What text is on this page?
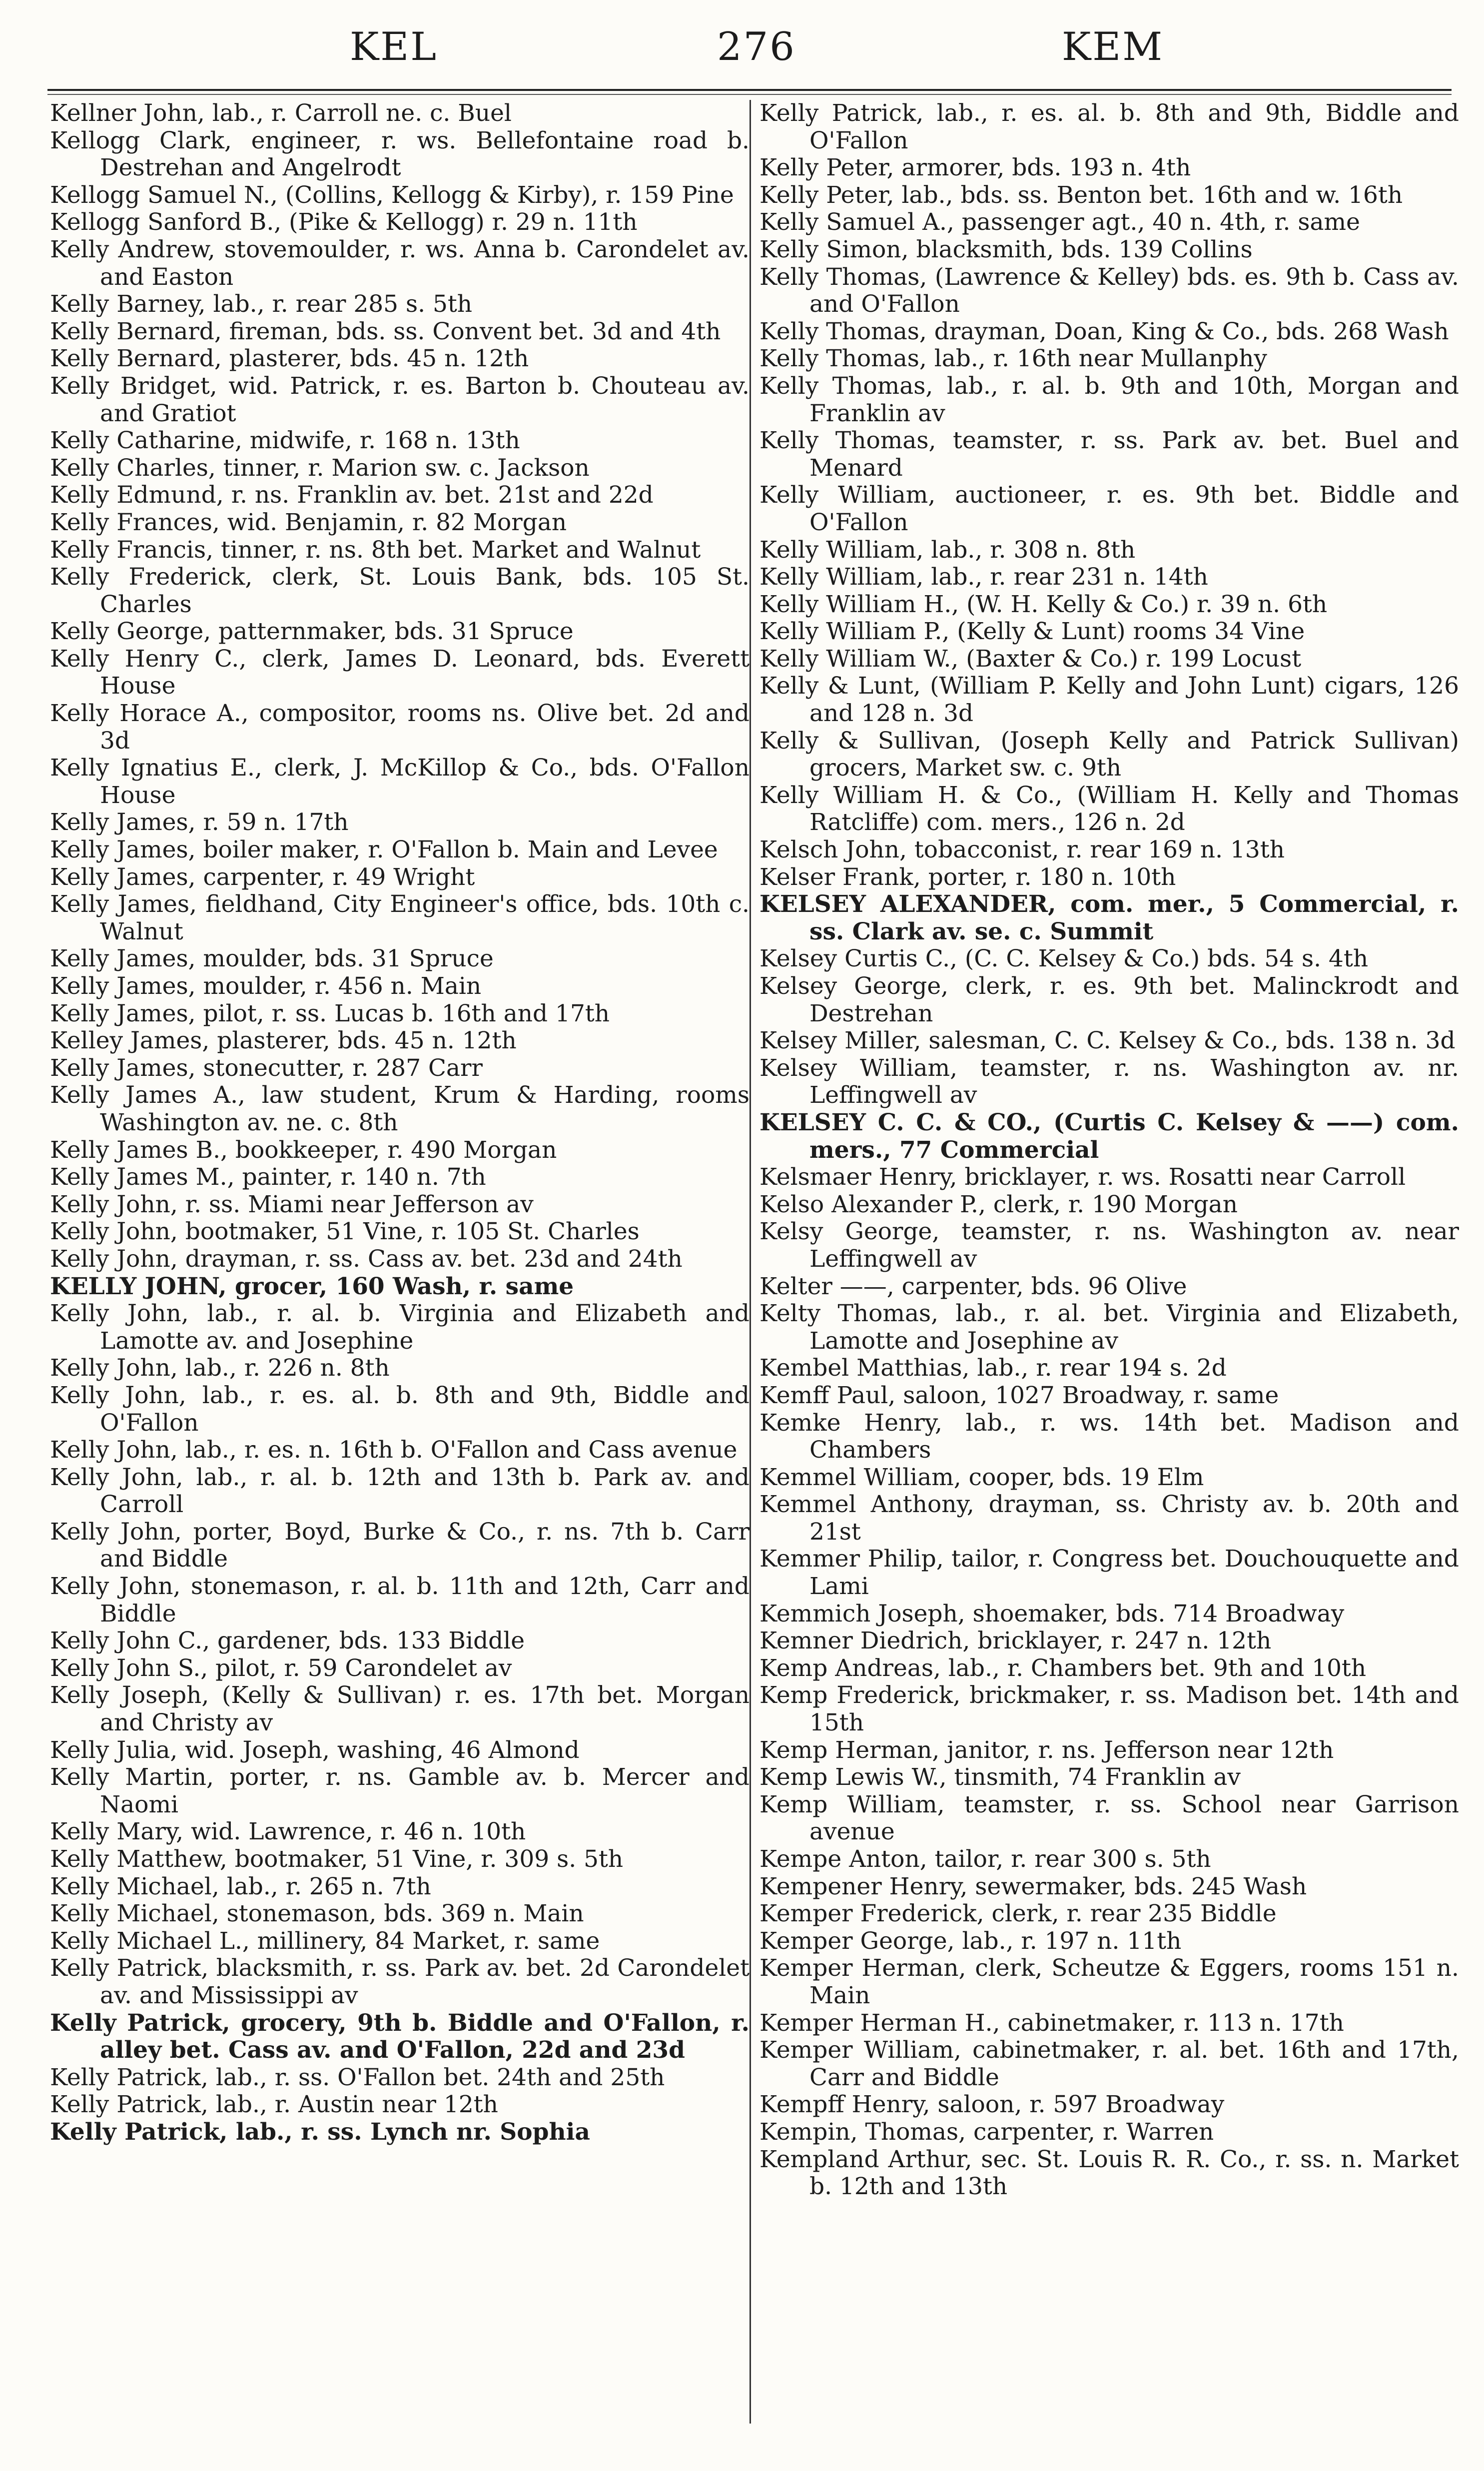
KEL	276	KEM
Kellner John, lab., r. Carroll ne. c. Buel
Kellogg Clark, engineer, r. ws. Bellefontaine road b. Destrehan and Angelrodt
Kellogg Samuel N., (Collins, Kellogg & Kirby), r. 159 Pine
Kellogg Sanford B., (Pike & Kellogg) r. 29 n. 11th
Kelly Andrew, stovemoulder, r. ws. Anna b. Carondelet av. and Easton
Kelly Barney, lab., r. rear 285 s. 5th
Kelly Bernard, fireman, bds. ss. Convent bet. 3d and 4th
Kelly Bernard, plasterer, bds. 45 n. 12th
Kelly Bridget, wid. Patrick, r. es. Barton b. Chouteau av. and Gratiot
Kelly Catharine, midwife, r. 168 n. 13th
Kelly Charles, tinner, r. Marion sw. c. Jackson
Kelly Edmund, r. ns. Franklin av. bet. 21st and 22d
Kelly Frances, wid. Benjamin, r. 82 Morgan
Kelly Francis, tinner, r. ns. 8th bet. Market and Walnut
Kelly Frederick, clerk, St. Louis Bank, bds. 105 St. Charles
Kelly George, patternmaker, bds. 31 Spruce
Kelly Henry C., clerk, James D. Leonard, bds. Everett House
Kelly Horace A., compositor, rooms ns. Olive bet. 2d and 3d
Kelly Ignatius E., clerk, J. McKillop & Co., bds. O'Fallon House
Kelly James, r. 59 n. 17th
Kelly James, boiler maker, r. O'Fallon b. Main and Levee
Kelly James, carpenter, r. 49 Wright
Kelly James, fieldhand, City Engineer's office, bds. 10th c. Walnut
Kelly James, moulder, bds. 31 Spruce
Kelly James, moulder, r. 456 n. Main
Kelly James, pilot, r. ss. Lucas b. 16th and 17th
Kelley James, plasterer, bds. 45 n. 12th
Kelly James, stonecutter, r. 287 Carr
Kelly James A., law student, Krum & Harding, rooms Washington av. ne. c. 8th
Kelly James B., bookkeeper, r. 490 Morgan
Kelly James M., painter, r. 140 n. 7th
Kelly John, r. ss. Miami near Jefferson av
Kelly John, bootmaker, 51 Vine, r. 105 St. Charles
Kelly John, drayman, r. ss. Cass av. bet. 23d and 24th
KELLY JOHN, grocer, 160 Wash, r. same
Kelly John, lab., r. al. b. Virginia and Elizabeth and Lamotte av. and Josephine
Kelly John, lab., r. 226 n. 8th
Kelly John, lab., r. es. al. b. 8th and 9th, Biddle and O'Fallon
Kelly John, lab., r. es. n. 16th b. O'Fallon and Cass avenue
Kelly John, lab., r. al. b. 12th and 13th b. Park av. and Carroll
Kelly John, porter, Boyd, Burke & Co., r. ns. 7th b. Carr and Biddle
Kelly John, stonemason, r. al. b. 11th and 12th, Carr and Biddle
Kelly John C., gardener, bds. 133 Biddle
Kelly John S., pilot, r. 59 Carondelet av
Kelly Joseph, (Kelly & Sullivan) r. es. 17th bet. Morgan and Christy av
Kelly Julia, wid. Joseph, washing, 46 Almond
Kelly Martin, porter, r. ns. Gamble av. b. Mercer and Naomi
Kelly Mary, wid. Lawrence, r. 46 n. 10th
Kelly Matthew, bootmaker, 51 Vine, r. 309 s. 5th
Kelly Michael, lab., r. 265 n. 7th
Kelly Michael, stonemason, bds. 369 n. Main
Kelly Michael L., millinery, 84 Market, r. same
Kelly Patrick, blacksmith, r. ss. Park av. bet. 2d Carondelet av. and Mississippi av
Kelly Patrick, grocery, 9th b. Biddle and O'Fallon, r. alley bet. Cass av. and O'Fallon, 22d and 23d
Kelly Patrick, lab., r. ss. O'Fallon bet. 24th and 25th
Kelly Patrick, lab., r. Austin near 12th
Kelly Patrick, lab., r. ss. Lynch nr. Sophia
Kelly Patrick, lab., r. es. al. b. 8th and 9th, Biddle and O'Fallon
Kelly Peter, armorer, bds. 193 n. 4th
Kelly Peter, lab., bds. ss. Benton bet. 16th and w. 16th
Kelly Samuel A., passenger agt., 40 n. 4th, r. same
Kelly Simon, blacksmith, bds. 139 Collins
Kelly Thomas, (Lawrence & Kelley) bds. es. 9th b. Cass av. and O'Fallon
Kelly Thomas, drayman, Doan, King & Co., bds. 268 Wash
Kelly Thomas, lab., r. 16th near Mullanphy
Kelly Thomas, lab., r. al. b. 9th and 10th, Morgan and Franklin av
Kelly Thomas, teamster, r. ss. Park av. bet. Buel and Menard
Kelly William, auctioneer, r. es. 9th bet. Biddle and O'Fallon
Kelly William, lab., r. 308 n. 8th
Kelly William, lab., r. rear 231 n. 14th
Kelly William H., (W. H. Kelly & Co.) r. 39 n. 6th
Kelly William P., (Kelly & Lunt) rooms 34 Vine
Kelly William W., (Baxter & Co.) r. 199 Locust
Kelly & Lunt, (William P. Kelly and John Lunt) cigars, 126 and 128 n. 3d
Kelly & Sullivan, (Joseph Kelly and Patrick Sullivan) grocers, Market sw. c. 9th
Kelly William H. & Co., (William H. Kelly and Thomas Ratcliffe) com. mers., 126 n. 2d
Kelsch John, tobacconist, r. rear 169 n. 13th
Kelser Frank, porter, r. 180 n. 10th
KELSEY ALEXANDER, com. mer., 5 Commercial, r. ss. Clark av. se. c. Summit
Kelsey Curtis C., (C. C. Kelsey & Co.) bds. 54 s. 4th
Kelsey George, clerk, r. es. 9th bet. Malinckrodt and Destrehan
Kelsey Miller, salesman, C. C. Kelsey & Co., bds. 138 n. 3d
Kelsey William, teamster, r. ns. Washington av. nr. Leffingwell av
KELSEY C. C. & CO., (Curtis C. Kelsey & ——) com. mers., 77 Commercial
Kelsmaer Henry, bricklayer, r. ws. Rosatti near Carroll
Kelso Alexander P., clerk, r. 190 Morgan
Kelsy George, teamster, r. ns. Washington av. near Leffingwell av
Kelter ——, carpenter, bds. 96 Olive
Kelty Thomas, lab., r. al. bet. Virginia and Elizabeth, Lamotte and Josephine av
Kembel Matthias, lab., r. rear 194 s. 2d
Kemff Paul, saloon, 1027 Broadway, r. same
Kemke Henry, lab., r. ws. 14th bet. Madison and Chambers
Kemmel William, cooper, bds. 19 Elm
Kemmel Anthony, drayman, ss. Christy av. b. 20th and 21st
Kemmer Philip, tailor, r. Congress bet. Douchouquette and Lami
Kemmich Joseph, shoemaker, bds. 714 Broadway
Kemner Diedrich, bricklayer, r. 247 n. 12th
Kemp Andreas, lab., r. Chambers bet. 9th and 10th
Kemp Frederick, brickmaker, r. ss. Madison bet. 14th and 15th
Kemp Herman, janitor, r. ns. Jefferson near 12th
Kemp Lewis W., tinsmith, 74 Franklin av
Kemp William, teamster, r. ss. School near Garrison avenue
Kempe Anton, tailor, r. rear 300 s. 5th
Kempener Henry, sewermaker, bds. 245 Wash
Kemper Frederick, clerk, r. rear 235 Biddle
Kemper George, lab., r. 197 n. 11th
Kemper Herman, clerk, Scheutze & Eggers, rooms 151 n. Main
Kemper Herman H., cabinetmaker, r. 113 n. 17th
Kemper William, cabinetmaker, r. al. bet. 16th and 17th, Carr and Biddle
Kempff Henry, saloon, r. 597 Broadway
Kempin, Thomas, carpenter, r. Warren
Kempland Arthur, sec. St. Louis R. R. Co., r. ss. n. Market b. 12th and 13th
